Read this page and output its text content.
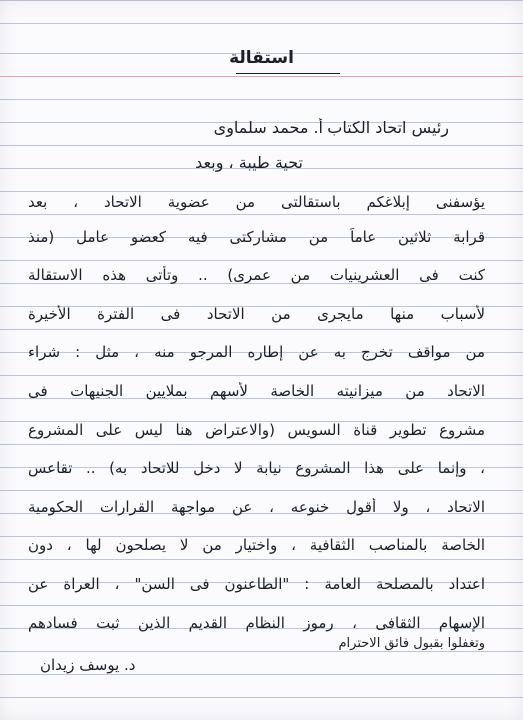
استقالة
أ. محمد سلماوى رئيس اتحاد الكتاب
تحية طيبة ، وبعد
يؤسفنى إبلاغكم باستقالتى من عضوية الاتحاد ، بعد
قرابة ثلاثين عاماً من مشاركتى فيه كعضو عامل (منذ
كنت فى العشرينيات من عمرى) .. وتأتى هذه الاستقالة
لأسباب منها مايجرى من الاتحاد فى الفترة الأخيرة
من مواقف تخرج به عن إطاره المرجو منه ، مثل : شراء
الاتحاد من ميزانيته الخاصة لأسهم بملايين الجنيهات فى
مشروع تطوير قناة السويس (والاعتراض هنا ليس على المشروع
، وإنما على هذا المشروع نيابة لا دخل للاتحاد به) .. تقاعس
الاتحاد ، ولا أقول خنوعه ، عن مواجهة القرارات الحكومية
الخاصة بالمناصب الثقافية ، واختيار من لا يصلحون لها ، دون
اعتداد بالمصلحة العامة : "الطاعنون فى السن" ، العراة عن
الإسهام الثقافى ، رموز النظام القديم الذين ثبت فسادهم
وتغفلوا بقبول فائق الاحترام
د. يوسف زيدان
